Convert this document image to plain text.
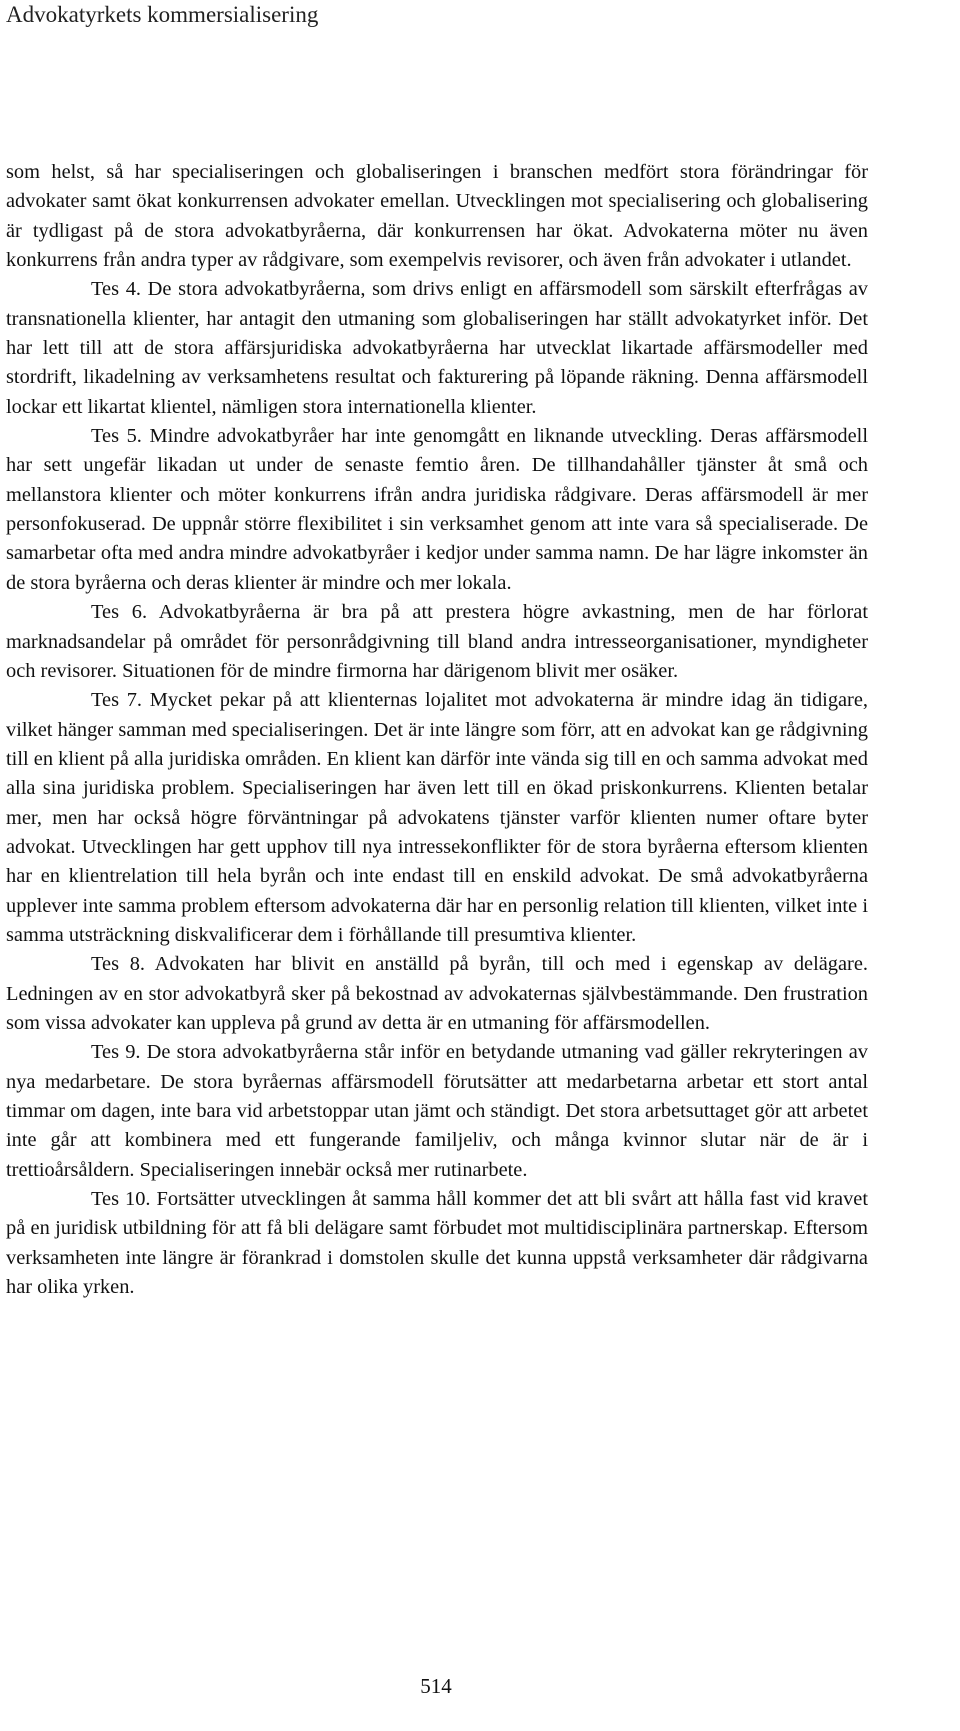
Advokatyrkets kommersialisering

som helst, så har specialiseringen och globaliseringen i branschen medfört stora förändringar för advokater samt ökat konkurrensen advokater emellan. Utvecklingen mot specialisering och globalisering är tydligast på de stora advokatbyråerna, där konkurrensen har ökat. Advokaterna möter nu även konkurrens från andra typer av rådgivare, som exempelvis revisorer, och även från advokater i utlandet.

Tes 4. De stora advokatbyråerna, som drivs enligt en affärsmodell som särskilt efterfrågas av transnationella klienter, har antagit den utmaning som globaliseringen har ställt advokatyrket inför. Det har lett till att de stora affärsjuridiska advokatbyråerna har utvecklat likartade affärsmodeller med stordrift, likadelning av verksamhetens resultat och fakturering på löpande räkning. Denna affärsmodell lockar ett likartat klientel, nämligen stora internationella klienter.

Tes 5. Mindre advokatbyråer har inte genomgått en liknande utveckling. Deras affärsmodell har sett ungefär likadan ut under de senaste femtio åren. De tillhandahåller tjänster åt små och mellanstora klienter och möter konkurrens ifrån andra juridiska rådgivare. Deras affärsmodell är mer personfokuserad. De uppnår större flexibilitet i sin verksamhet genom att inte vara så specialiserade. De samarbetar ofta med andra mindre advokatbyråer i kedjor under samma namn. De har lägre inkomster än de stora byråerna och deras klienter är mindre och mer lokala.

Tes 6. Advokatbyråerna är bra på att prestera högre avkastning, men de har förlorat marknadsandelar på området för personrådgivning till bland andra intresseorganisationer, myndigheter och revisorer. Situationen för de mindre firmorna har därigenom blivit mer osäker.

Tes 7. Mycket pekar på att klienternas lojalitet mot advokaterna är mindre idag än tidigare, vilket hänger samman med specialiseringen. Det är inte längre som förr, att en advokat kan ge rådgivning till en klient på alla juridiska områden. En klient kan därför inte vända sig till en och samma advokat med alla sina juridiska problem. Specialiseringen har även lett till en ökad priskonkurrens. Klienten betalar mer, men har också högre förväntningar på advokatens tjänster varför klienten numer oftare byter advokat. Utvecklingen har gett upphov till nya intressekonflikter för de stora byråerna eftersom klienten har en klientrelation till hela byrån och inte endast till en enskild advokat. De små advokatbyråerna upplever inte samma problem eftersom advokaterna där har en personlig relation till klienten, vilket inte i samma utsträckning diskvalificerar dem i förhållande till presumtiva klienter.

Tes 8. Advokaten har blivit en anställd på byrån, till och med i egenskap av delägare. Ledningen av en stor advokatbyrå sker på bekostnad av advokaternas självbestämmande. Den frustration som vissa advokater kan uppleva på grund av detta är en utmaning för affärsmodellen.

Tes 9. De stora advokatbyråerna står inför en betydande utmaning vad gäller rekryteringen av nya medarbetare. De stora byråernas affärsmodell förutsätter att medarbetarna arbetar ett stort antal timmar om dagen, inte bara vid arbetstoppar utan jämt och ständigt. Det stora arbetsuttaget gör att arbetet inte går att kombinera med ett fungerande familjeliv, och många kvinnor slutar när de är i trettioårsåldern. Specialiseringen innebär också mer rutinarbete.

Tes 10. Fortsätter utvecklingen åt samma håll kommer det att bli svårt att hålla fast vid kravet på en juridisk utbildning för att få bli delägare samt förbudet mot multidisciplinära partnerskap. Eftersom verksamheten inte längre är förankrad i domstolen skulle det kunna uppstå verksamheter där rådgivarna har olika yrken.

514
